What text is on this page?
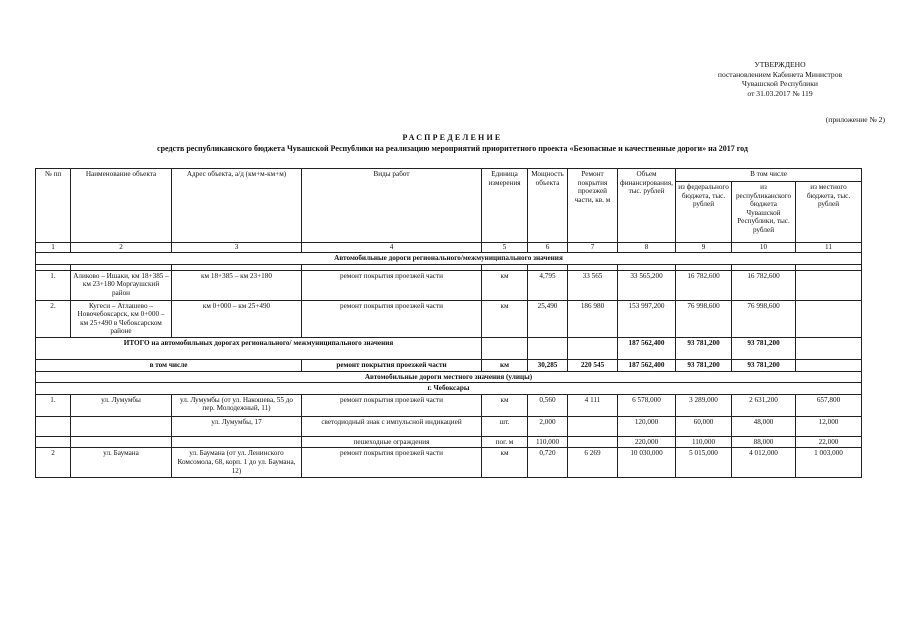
УТВЕРЖДЕНО
постановлением Кабинета Министров
Чувашской Республики
от 31.03.2017 № 119
(приложение № 2)
РАСПРЕДЕЛЕНИЕ
средств республиканского бюджета Чувашской Республики на реализацию мероприятий приоритетного проекта «Безопасные и качественные дороги» на 2017 год
№ пп	Наименование объекта	Адрес объекта, а/д (км+м-км+м)	Виды работ	Единица измерения	Мощность объекта	Ремонт покрытия проезжей части, кв. м	Объем финансирования, тыс. рублей	В том числе		
								из федерального бюджета, тыс. рублей	из республиканского бюджета Чувашской Республики, тыс. рублей	из местного бюджета, тыс. рублей
1	2	3	4	5	6	7	8	9	10	11
Автомобильные дороги регионального/межмуниципального значения										

1.	Аликово – Ишаки, км 18+385 – км 23+180 Моргаушский район	км 18+385 – км 23+180	ремонт покрытия проезжей части	км	4,795	33 565	33 565,200	16 782,600	16 782,600	
2.	Кугеси – Атлашево – Новочебоксарск, км 0+000 – км 25+490 в Чебоксарском районе	км 0+000 – км 25+490	ремонт покрытия проезжей части	км	25,490	186 980	153 997,200	76 998,600	76 998,600	
ИТОГО на автомобильных дорогах регионального/ межмуниципального значения							187 562,400	93 781,200	93 781,200	
в том числе			ремонт покрытия проезжей части	км	30,285	220 545	187 562,400	93 781,200	93 781,200	
Автомобильные дороги местного значения (улицы)										
г. Чебоксары										
1.	ул. Лумумбы	ул. Лумумбы (от ул. Накошева, 55 до пер. Молодежный, 11)	ремонт покрытия проезжей части	км	0,560	4 111	6 578,000	3 289,000	2 631,200	657,800
		ул. Лумумбы, 17	светодиодный знак с импульсной индикацией	шт.	2,000		120,000	60,000	48,000	12,000
			пешеходные ограждения	пог. м	110,000		220,000	110,000	88,000	22,000
2	ул. Баумана	ул. Баумана (от ул. Ленинского Комсомола, 68, корп. 1 до ул. Баумана, 12)	ремонт покрытия проезжей части	км	0,720	6 269	10 030,000	5 015,000	4 012,000	1 003,000
